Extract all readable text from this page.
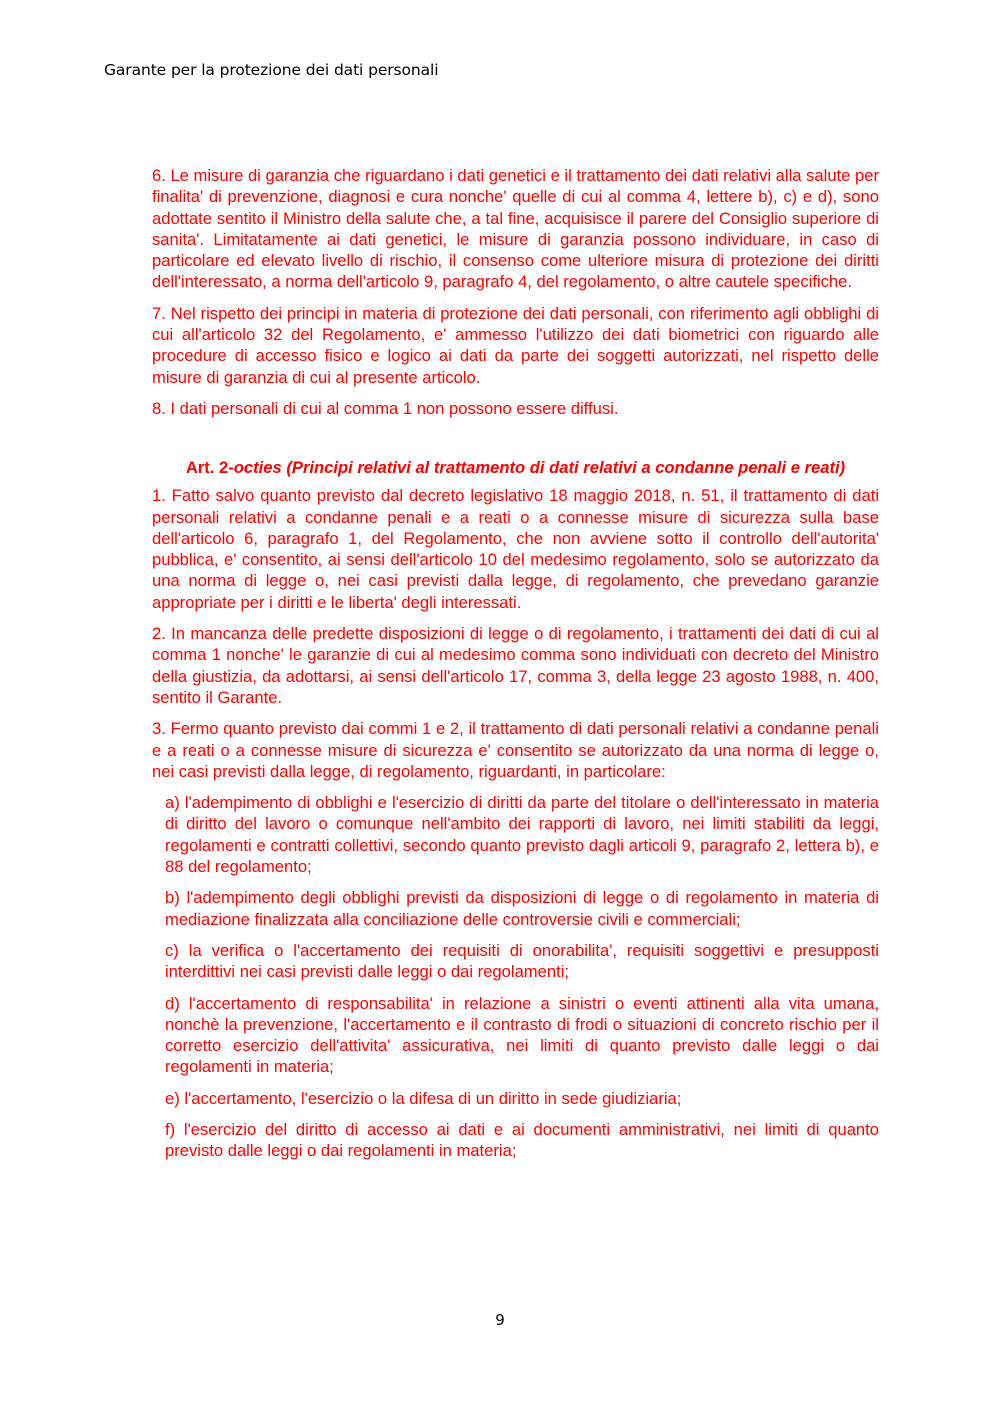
Garante per la protezione dei dati personali

6. Le misure di garanzia che riguardano i dati genetici e il trattamento dei dati relativi alla salute per finalita' di prevenzione, diagnosi e cura nonche' quelle di cui al comma 4, lettere b), c) e d), sono adottate sentito il Ministro della salute che, a tal fine, acquisisce il parere del Consiglio superiore di sanita'. Limitatamente ai dati genetici, le misure di garanzia possono individuare, in caso di particolare ed elevato livello di rischio, il consenso come ulteriore misura di protezione dei diritti dell'interessato, a norma dell'articolo 9, paragrafo 4, del regolamento, o altre cautele specifiche.

7. Nel rispetto dei principi in materia di protezione dei dati personali, con riferimento agli obblighi di cui all'articolo 32 del Regolamento, e' ammesso l'utilizzo dei dati biometrici con riguardo alle procedure di accesso fisico e logico ai dati da parte dei soggetti autorizzati, nel rispetto delle misure di garanzia di cui al presente articolo.

8. I dati personali di cui al comma 1 non possono essere diffusi.

Art. 2-octies (Principi relativi al trattamento di dati relativi a condanne penali e reati)

1. Fatto salvo quanto previsto dal decreto legislativo 18 maggio 2018, n. 51, il trattamento di dati personali relativi a condanne penali e a reati o a connesse misure di sicurezza sulla base dell'articolo 6, paragrafo 1, del Regolamento, che non avviene sotto il controllo dell'autorita' pubblica, e' consentito, ai sensi dell'articolo 10 del medesimo regolamento, solo se autorizzato da una norma di legge o, nei casi previsti dalla legge, di regolamento, che prevedano garanzie appropriate per i diritti e le liberta' degli interessati.

2. In mancanza delle predette disposizioni di legge o di regolamento, i trattamenti dei dati di cui al comma 1 nonche' le garanzie di cui al medesimo comma sono individuati con decreto del Ministro della giustizia, da adottarsi, ai sensi dell'articolo 17, comma 3, della legge 23 agosto 1988, n. 400, sentito il Garante.

3. Fermo quanto previsto dai commi 1 e 2, il trattamento di dati personali relativi a condanne penali e a reati o a connesse misure di sicurezza e' consentito se autorizzato da una norma di legge o, nei casi previsti dalla legge, di regolamento, riguardanti, in particolare:

a) l'adempimento di obblighi e l'esercizio di diritti da parte del titolare o dell'interessato in materia di diritto del lavoro o comunque nell'ambito dei rapporti di lavoro, nei limiti stabiliti da leggi, regolamenti e contratti collettivi, secondo quanto previsto dagli articoli 9, paragrafo 2, lettera b), e 88 del regolamento;

b) l'adempimento degli obblighi previsti da disposizioni di legge o di regolamento in materia di mediazione finalizzata alla conciliazione delle controversie civili e commerciali;

c) la verifica o l'accertamento dei requisiti di onorabilita', requisiti soggettivi e presupposti interdittivi nei casi previsti dalle leggi o dai regolamenti;

d) l'accertamento di responsabilita' in relazione a sinistri o eventi attinenti alla vita umana, nonchè la prevenzione, l'accertamento e il contrasto di frodi o situazioni di concreto rischio per il corretto esercizio dell'attivita' assicurativa, nei limiti di quanto previsto dalle leggi o dai regolamenti in materia;

e) l'accertamento, l'esercizio o la difesa di un diritto in sede giudiziaria;

f) l'esercizio del diritto di accesso ai dati e ai documenti amministrativi, nei limiti di quanto previsto dalle leggi o dai regolamenti in materia;

9
